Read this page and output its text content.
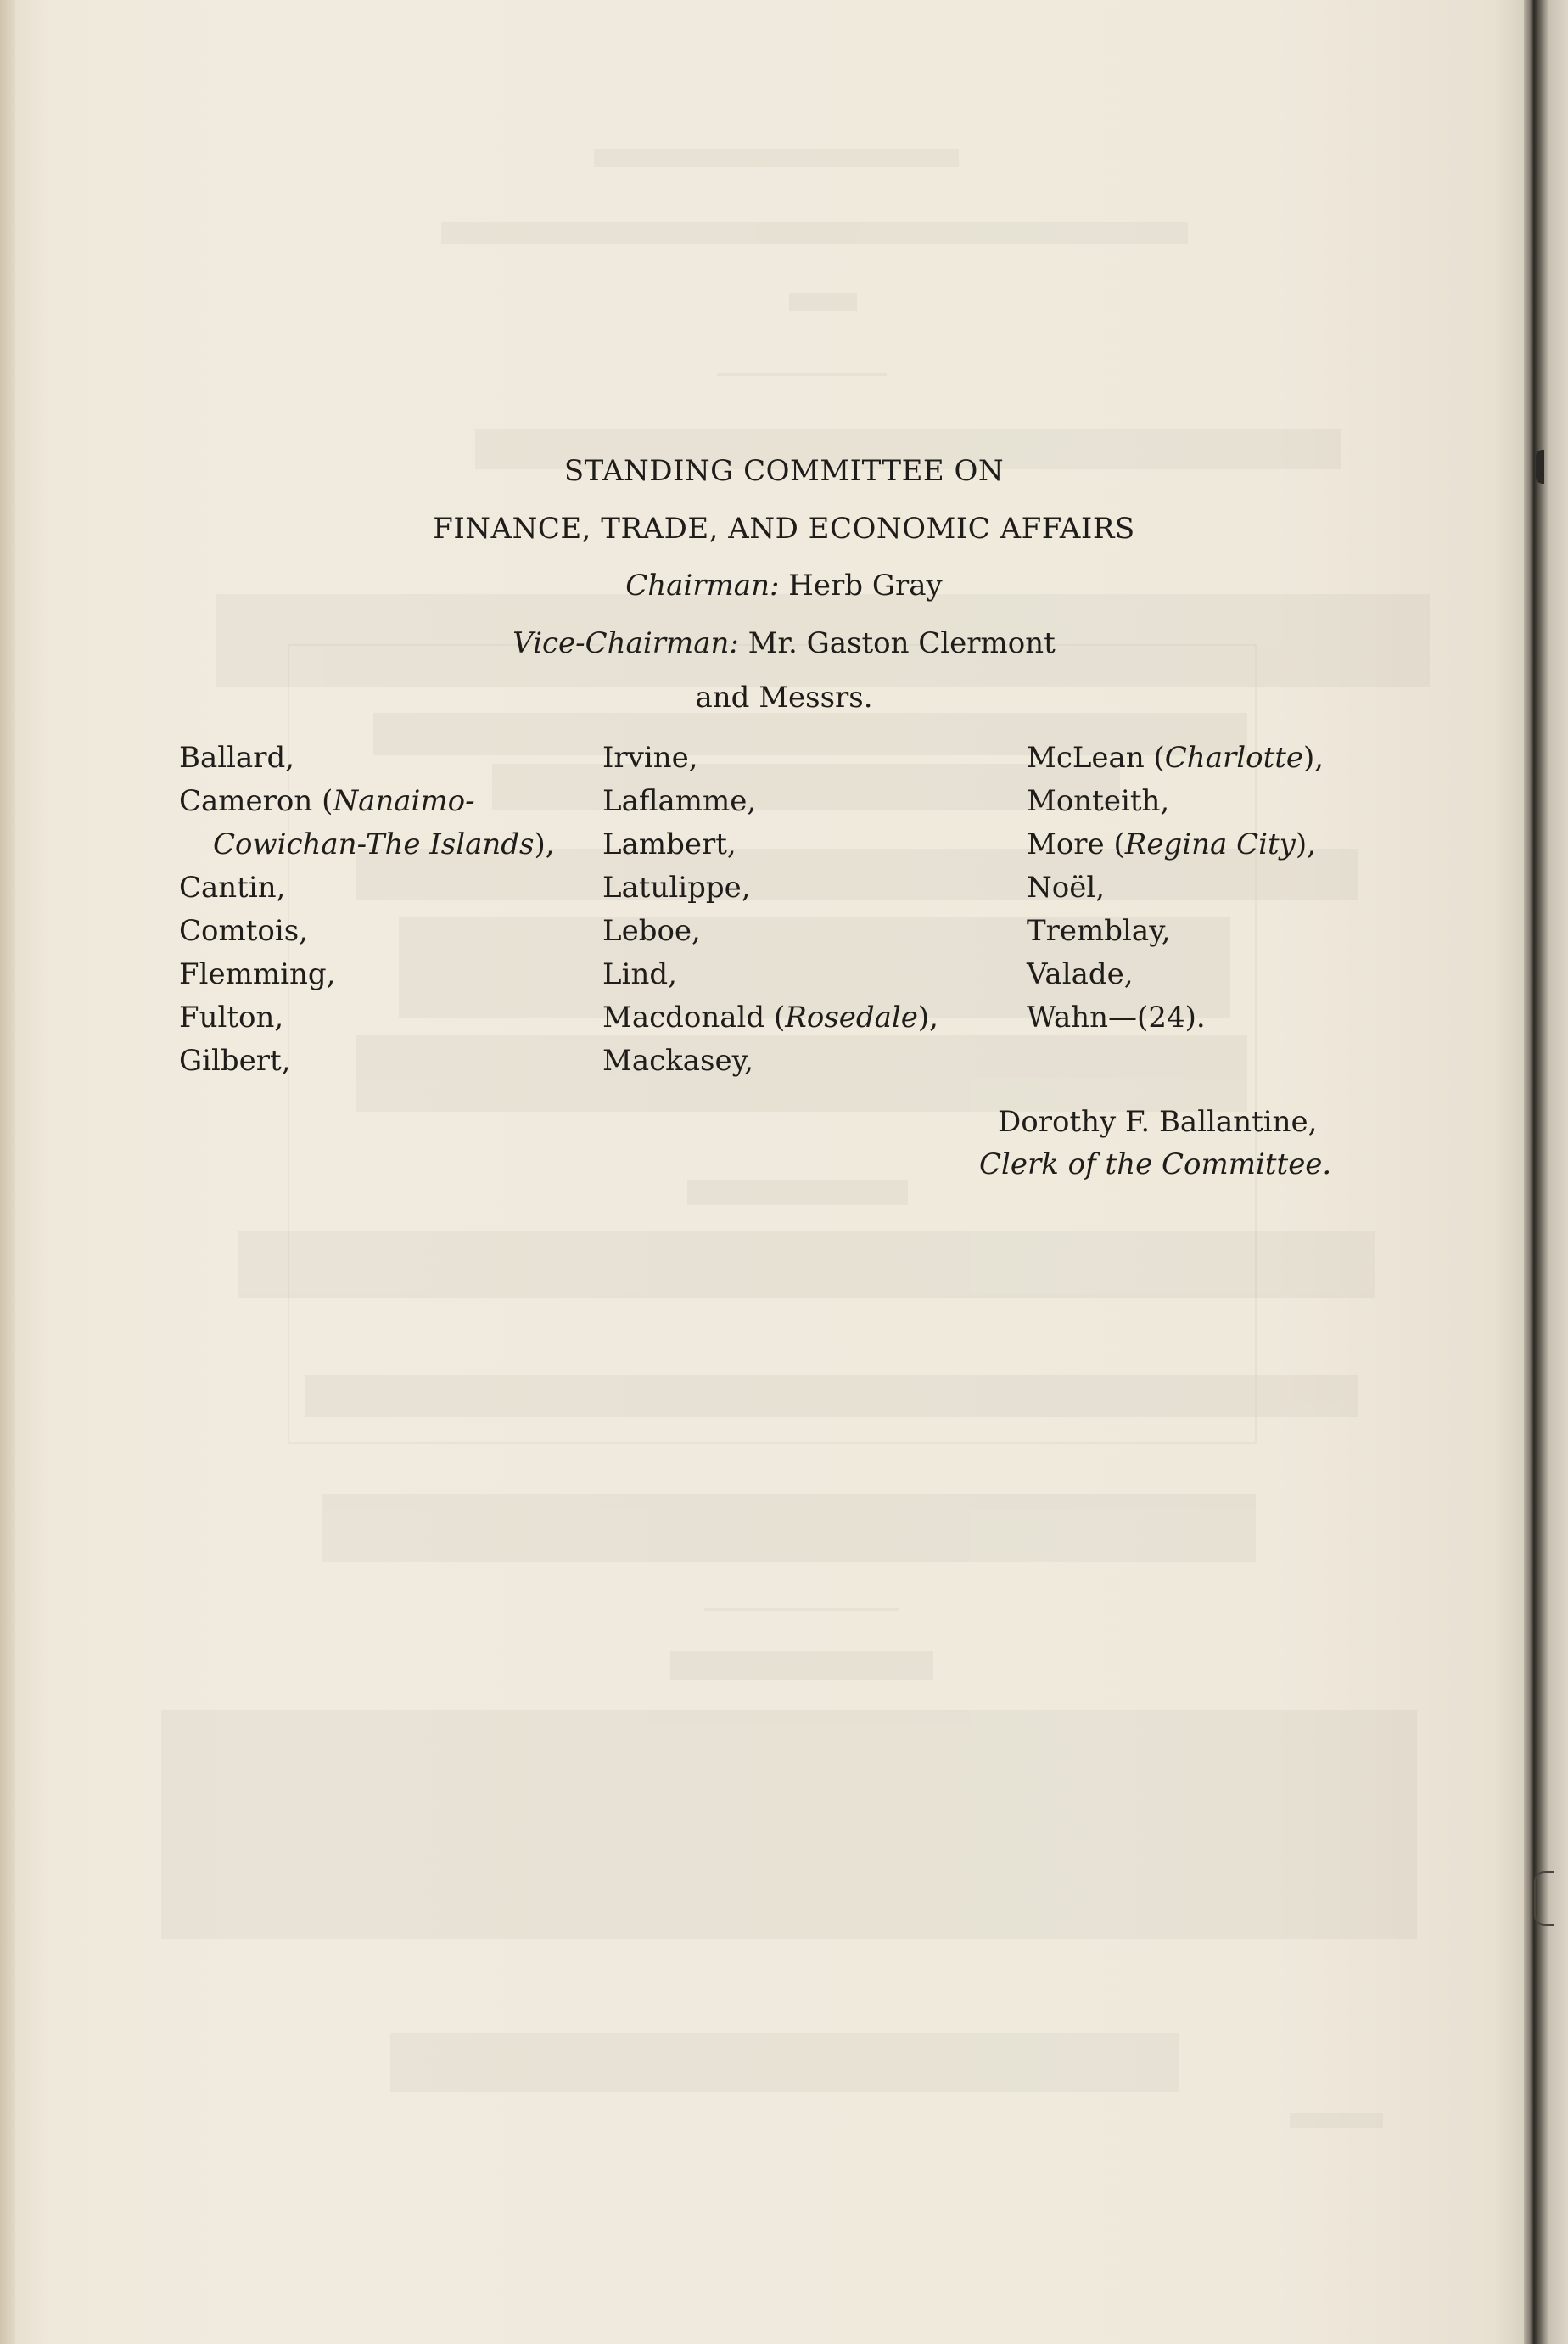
STANDING COMMITTEE ON
FINANCE, TRADE, AND ECONOMIC AFFAIRS
Chairman: Herb Gray
Vice-Chairman: Mr. Gaston Clermont
and Messrs.
Ballard,
Cameron (Nanaimo-
Cowichan-The Islands),
Cantin,
Comtois,
Flemming,
Fulton,
Gilbert,
Irvine,
Laflamme,
Lambert,
Latulippe,
Leboe,
Lind,
Macdonald (Rosedale),
Mackasey,
McLean (Charlotte),
Monteith,
More (Regina City),
Noël,
Tremblay,
Valade,
Wahn—(24).
Dorothy F. Ballantine,
Clerk of the Committee.
